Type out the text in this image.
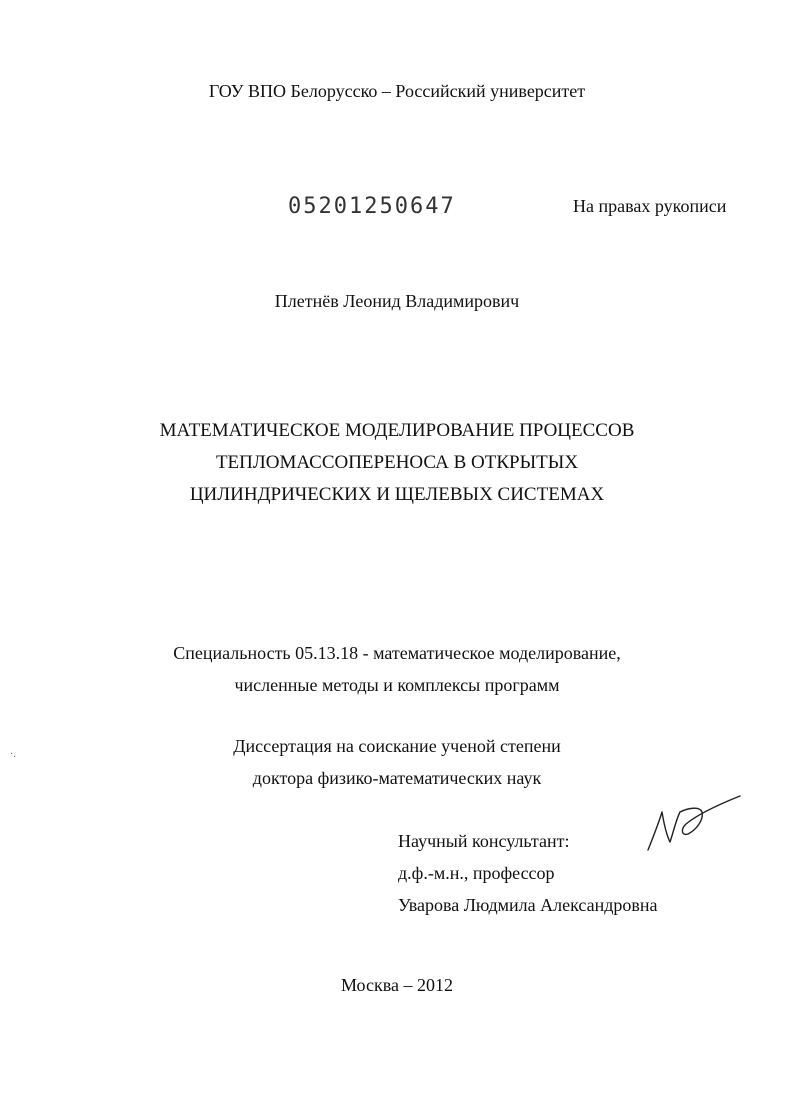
ГОУ ВПО Белорусско – Российский университет
05201250647	На правах рукописи
Плетнёв Леонид Владимирович
МАТЕМАТИЧЕСКОЕ МОДЕЛИРОВАНИЕ ПРОЦЕССОВ
ТЕПЛОМАССОПЕРЕНОСА В ОТКРЫТЫХ
ЦИЛИНДРИЧЕСКИХ И ЩЕЛЕВЫХ СИСТЕМАХ
Специальность 05.13.18 - математическое моделирование,
численные методы и комплексы программ
·.	Диссертация на соискание ученой степени
доктора физико-математических наук
Научный консультант:
д.ф.-м.н., профессор
Уварова Людмила Александровна
Москва – 2012
